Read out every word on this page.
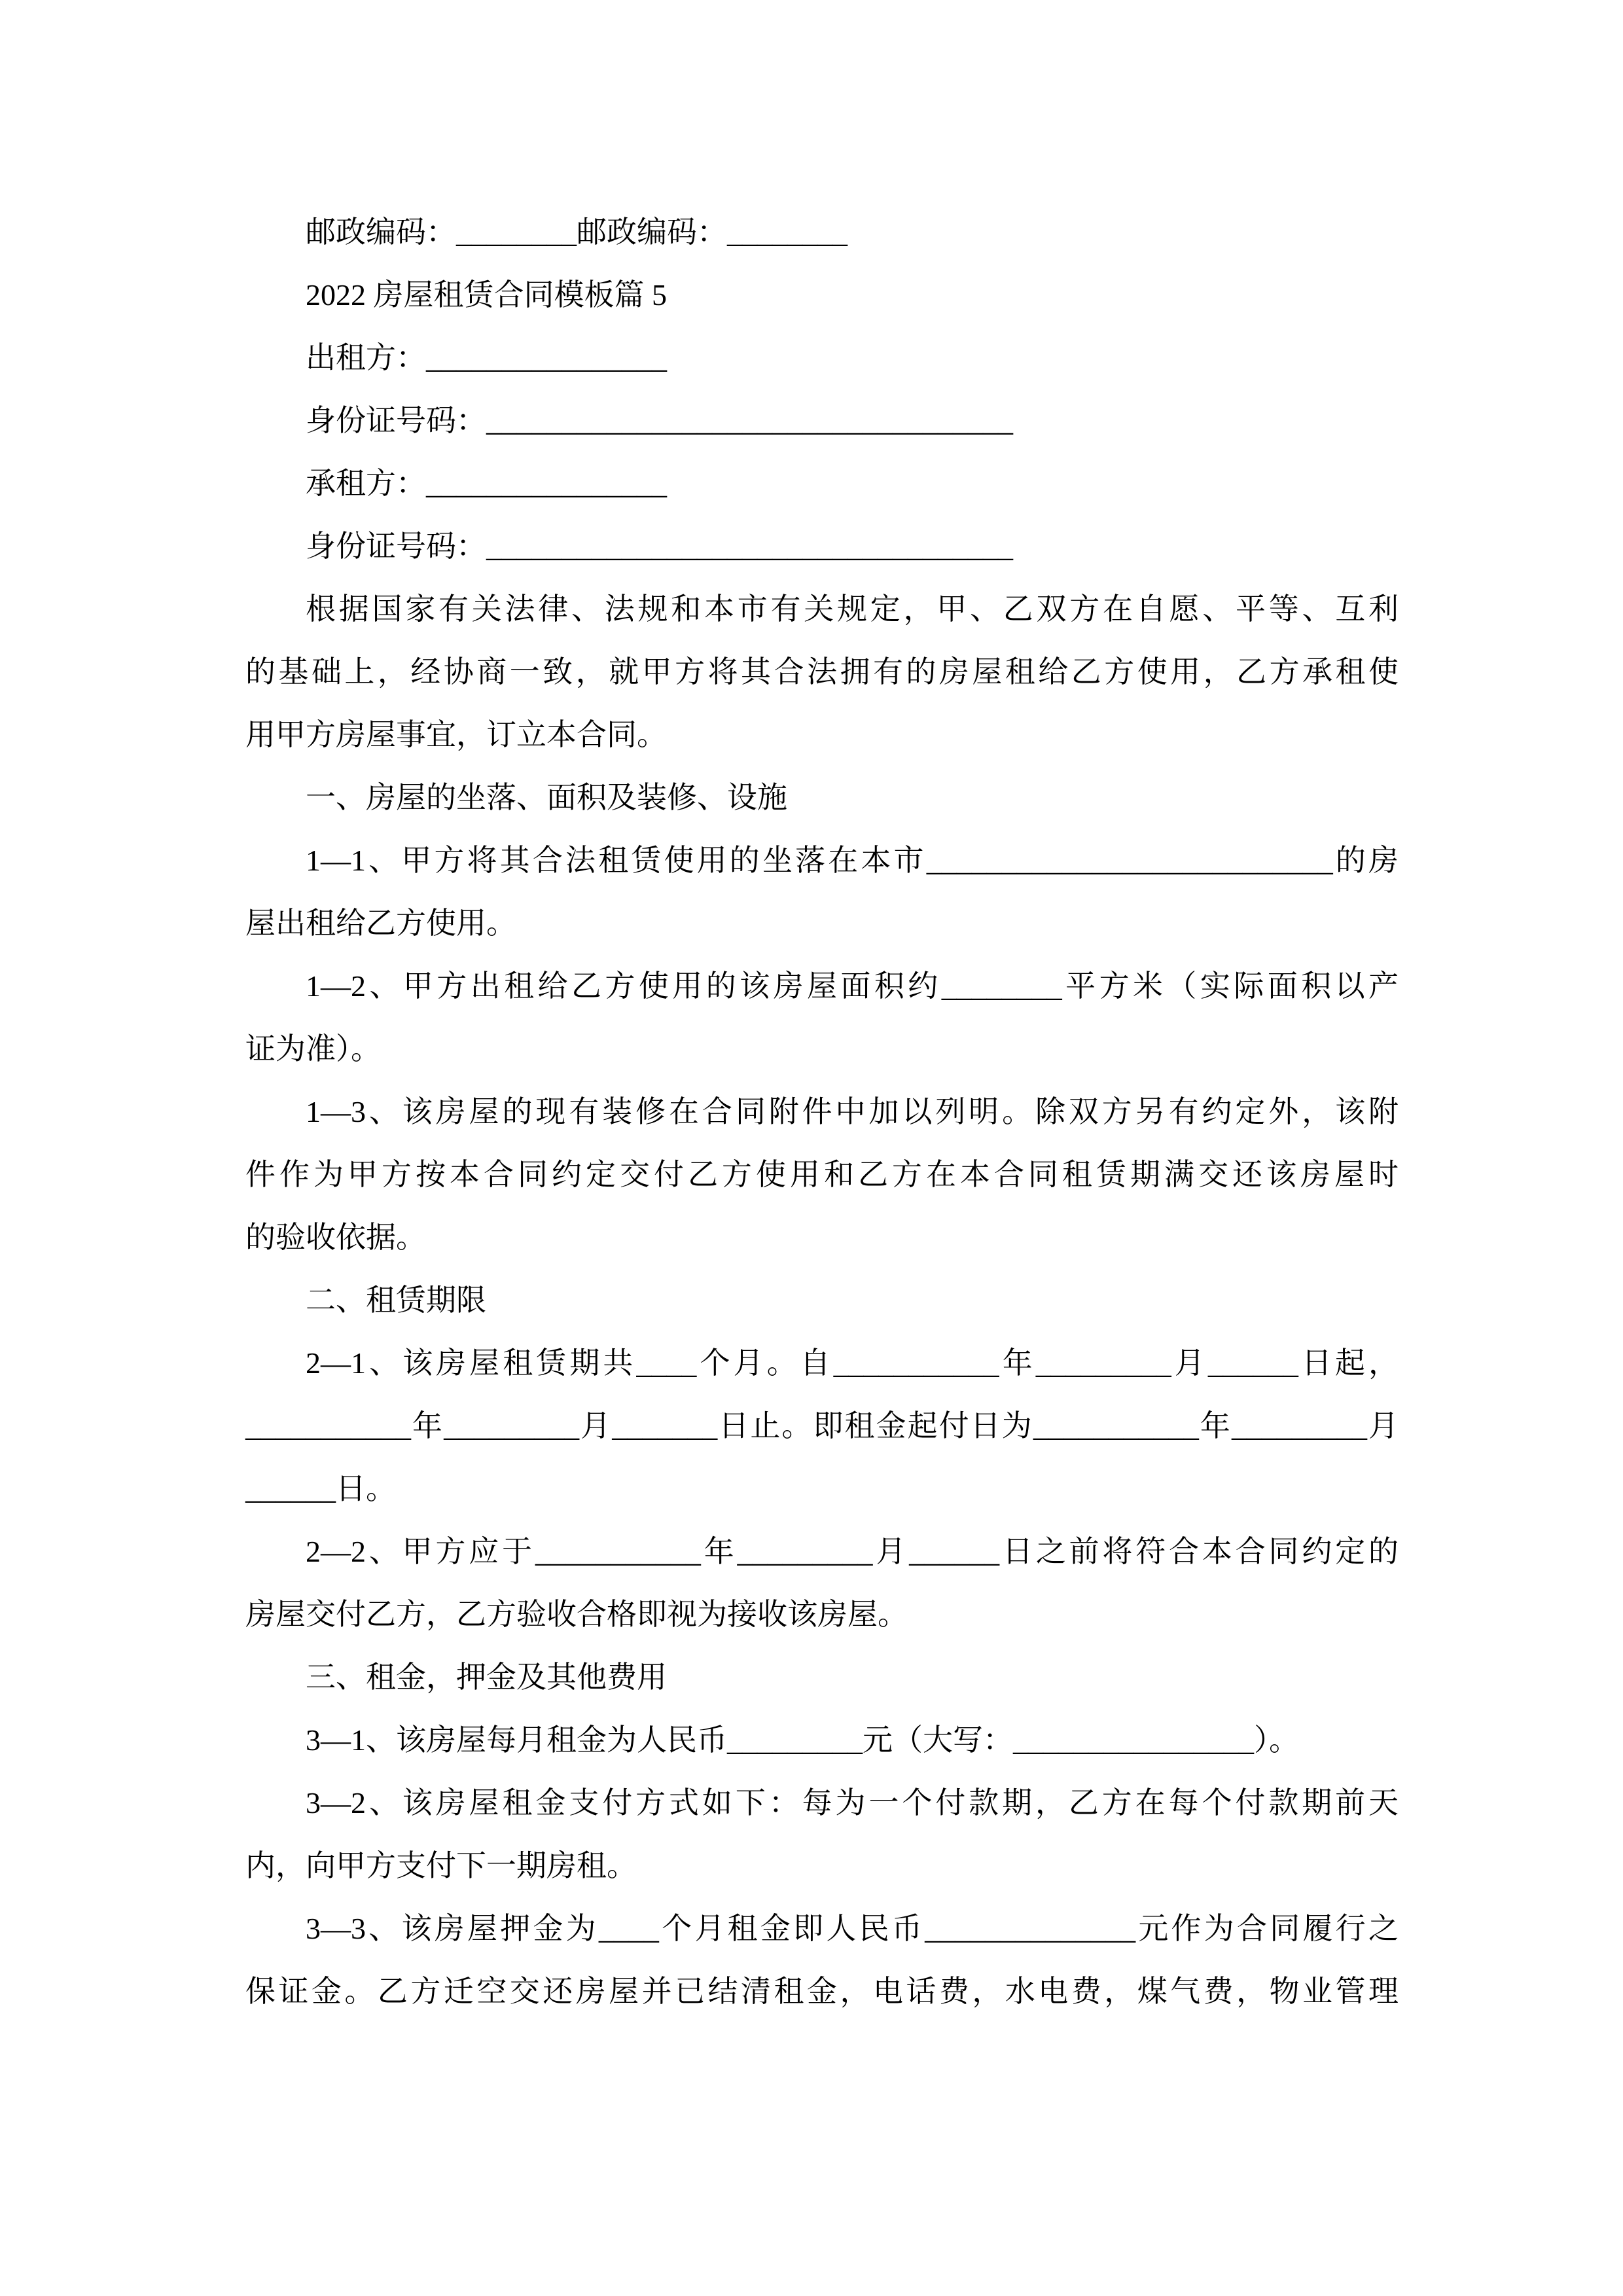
邮政编码：________邮政编码：________
2022 房屋租赁合同模板篇 5
出租方：________________
身份证号码：___________________________________
承租方：________________
身份证号码：___________________________________
根据国家有关法律、法规和本市有关规定，甲、乙双方在自愿、平等、互利
的基础上，经协商一致，就甲方将其合法拥有的房屋租给乙方使用，乙方承租使
用甲方房屋事宜，订立本合同。
一、房屋的坐落、面积及装修、设施
1—1、甲方将其合法租赁使用的坐落在本市___________________________的房
屋出租给乙方使用。
1—2、甲方出租给乙方使用的该房屋面积约________平方米（实际面积以产
证为准）。
1—3、该房屋的现有装修在合同附件中加以列明。除双方另有约定外，该附
件作为甲方按本合同约定交付乙方使用和乙方在本合同租赁期满交还该房屋时
的验收依据。
二、租赁期限
2—1、该房屋租赁期共____个月。自___________年_________月______日起，
___________年_________月_______日止。即租金起付日为___________年_________月
______日。
2—2、甲方应于___________年_________月______日之前将符合本合同约定的
房屋交付乙方，乙方验收合格即视为接收该房屋。
三、租金，押金及其他费用
3—1、该房屋每月租金为人民币_________元（大写：________________）。
3—2、该房屋租金支付方式如下：每为一个付款期，乙方在每个付款期前天
内，向甲方支付下一期房租。
3—3、该房屋押金为____个月租金即人民币______________元作为合同履行之
保证金。乙方迁空交还房屋并已结清租金，电话费，水电费，煤气费，物业管理
